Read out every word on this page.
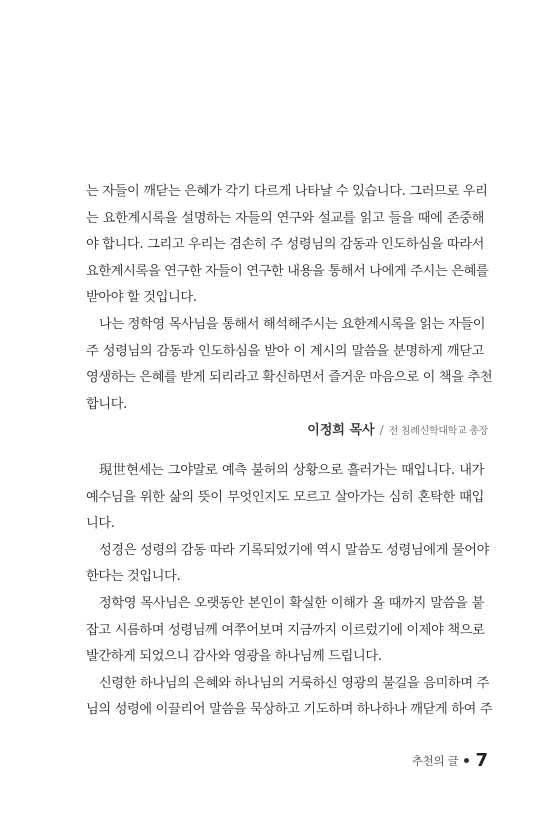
는 자들이 깨닫는 은혜가 각기 다르게 나타날 수 있습니다. 그러므로 우리
는 요한계시록을 설명하는 자들의 연구와 설교를 읽고 들을 때에 존중해
야 합니다. 그리고 우리는 겸손히 주 성령님의 감동과 인도하심을 따라서
요한계시록을 연구한 자들이 연구한 내용을 통해서 나에게 주시는 은혜를
받아야 할 것입니다.
나는 정학영 목사님을 통해서 해석해주시는 요한계시록을 읽는 자들이
주 성령님의 감동과 인도하심을 받아 이 계시의 말씀을 분명하게 깨닫고
영생하는 은혜를 받게 되리라고 확신하면서 즐거운 마음으로 이 책을 추천
합니다.
이정희 목사 / 전 침례신학대학교 총장
現世현세는 그야말로 예측 불허의 상황으로 흘러가는 때입니다. 내가
예수님을 위한 삶의 뜻이 무엇인지도 모르고 살아가는 심히 혼탁한 때입
니다.
성경은 성령의 감동 따라 기록되었기에 역시 말씀도 성령님에게 물어야
한다는 것입니다.
정학영 목사님은 오랫동안 본인이 확실한 이해가 올 때까지 말씀을 붙
잡고 시름하며 성령님께 여쭈어보며 지금까지 이르렀기에 이제야 책으로
발간하게 되었으니 감사와 영광을 하나님께 드립니다.
신령한 하나님의 은혜와 하나님의 거룩하신 영광의 불길을 음미하며 주
님의 성령에 이끌리어 말씀을 묵상하고 기도하며 하나하나 깨닫게 하여 주
추천의 글 7
